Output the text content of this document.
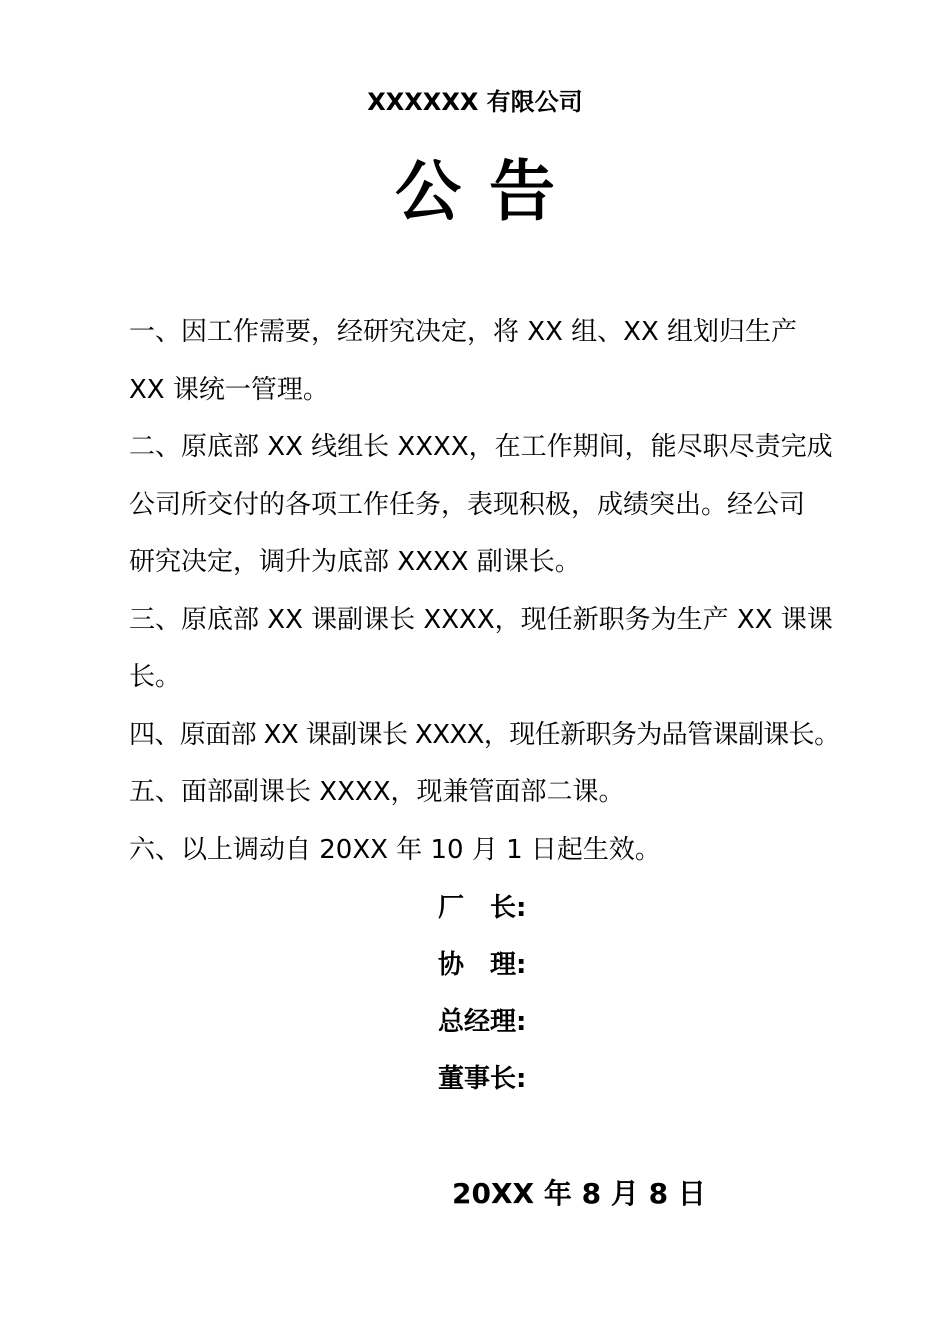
XXXXXX 有限公司
公告

一、因工作需要，经研究决定，将 XX 组、XX 组划归生产

XX 课统一管理。

二、原底部 XX 线组长 XXXX，在工作期间，能尽职尽责完成

公司所交付的各项工作任务，表现积极，成绩突出。经公司

研究决定，调升为底部 XXXX 副课长。

三、原底部 XX 课副课长 XXXX，现任新职务为生产 XX 课课

长。

四、原面部 XX 课副课长 XXXX，现任新职务为品管课副课长。

五、面部副课长 XXXX，现兼管面部二课。

六、以上调动自 20XX 年 10 月 1 日起生效。

厂　长:
协　理:
总经理:
董事长:
20XX 年 8 月 8 日
